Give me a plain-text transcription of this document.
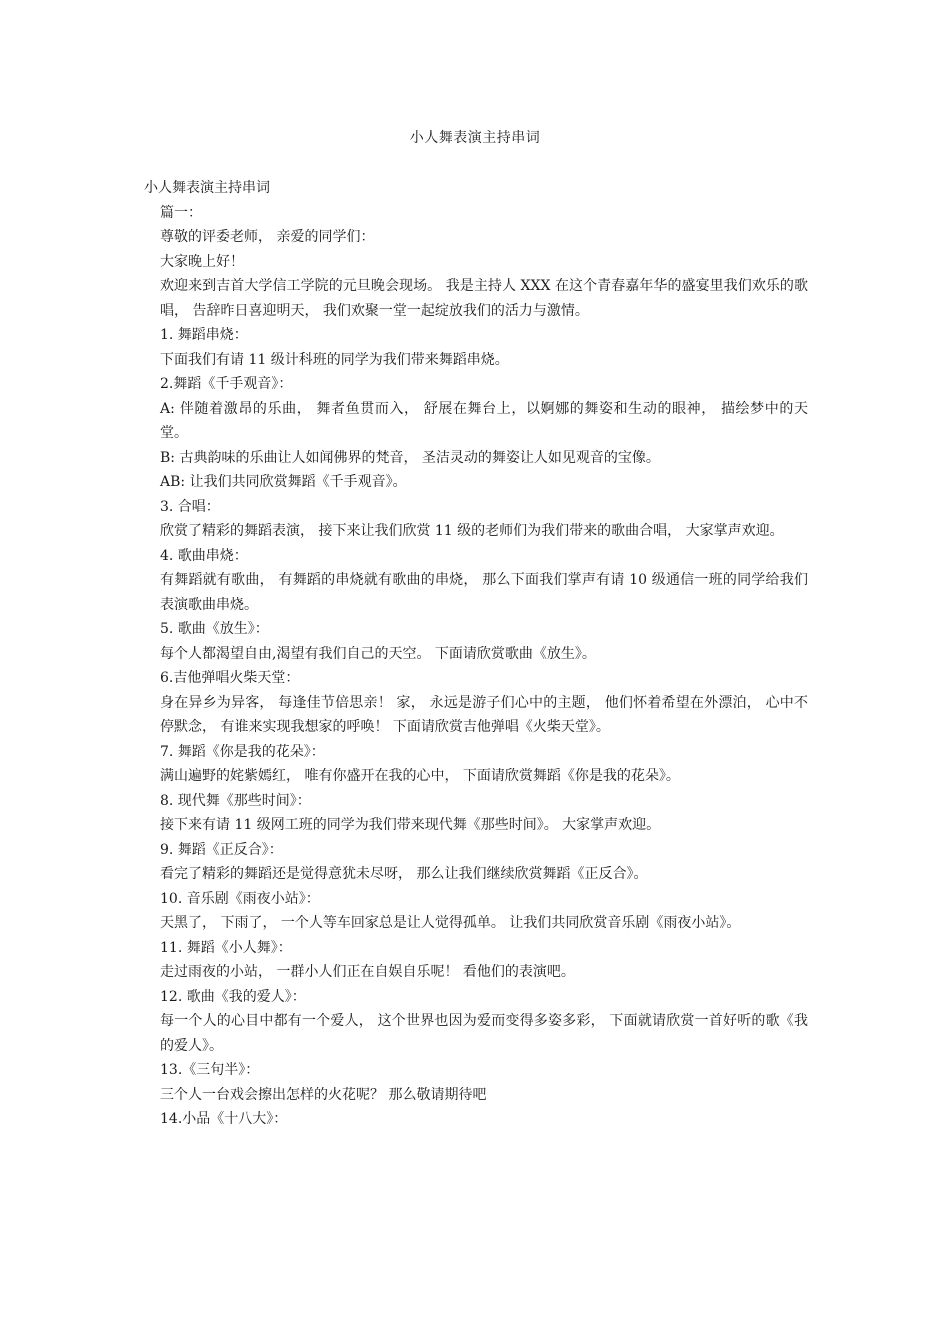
小人舞表演主持串词

小人舞表演主持串词

篇一：

尊敬的评委老师， 亲爱的同学们：

大家晚上好！

欢迎来到吉首大学信工学院的元旦晚会现场。 我是主持人 XXX 在这个青春嘉年华的盛宴里我们欢乐的歌唱， 告辞昨日喜迎明天， 我们欢聚一堂一起绽放我们的活力与激情。

1. 舞蹈串烧：

下面我们有请 11 级计科班的同学为我们带来舞蹈串烧。

2.舞蹈《千手观音》：

A: 伴随着激昂的乐曲， 舞者鱼贯而入， 舒展在舞台上，以婀娜的舞姿和生动的眼神， 描绘梦中的天堂。

B: 古典韵味的乐曲让人如闻佛界的梵音， 圣洁灵动的舞姿让人如见观音的宝像。

AB: 让我们共同欣赏舞蹈《千手观音》。

3. 合唱：

欣赏了精彩的舞蹈表演， 接下来让我们欣赏 11 级的老师们为我们带来的歌曲合唱， 大家掌声欢迎。

4. 歌曲串烧：

有舞蹈就有歌曲， 有舞蹈的串烧就有歌曲的串烧， 那么下面我们掌声有请 10 级通信一班的同学给我们表演歌曲串烧。

5. 歌曲《放生》：

每个人都渴望自由,渴望有我们自己的天空。 下面请欣赏歌曲《放生》。

6.吉他弹唱火柴天堂：

身在异乡为异客， 每逢佳节倍思亲！ 家， 永远是游子们心中的主题， 他们怀着希望在外漂泊， 心中不停默念， 有谁来实现我想家的呼唤！ 下面请欣赏吉他弹唱《火柴天堂》。

7. 舞蹈《你是我的花朵》：

满山遍野的姹紫嫣红， 唯有你盛开在我的心中， 下面请欣赏舞蹈《你是我的花朵》。

8. 现代舞《那些时间》：

接下来有请 11 级网工班的同学为我们带来现代舞《那些时间》。 大家掌声欢迎。

9. 舞蹈《正反合》：

看完了精彩的舞蹈还是觉得意犹未尽呀， 那么让我们继续欣赏舞蹈《正反合》。

10. 音乐剧《雨夜小站》：

天黑了， 下雨了， 一个人等车回家总是让人觉得孤单。 让我们共同欣赏音乐剧《雨夜小站》。

11. 舞蹈《小人舞》：

走过雨夜的小站， 一群小人们正在自娱自乐呢！ 看他们的表演吧。

12. 歌曲《我的爱人》：

每一个人的心目中都有一个爱人， 这个世界也因为爱而变得多姿多彩， 下面就请欣赏一首好听的歌《我的爱人》。

13.《三句半》：

三个人一台戏会擦出怎样的火花呢？ 那么敬请期待吧

14.小品《十八大》：
